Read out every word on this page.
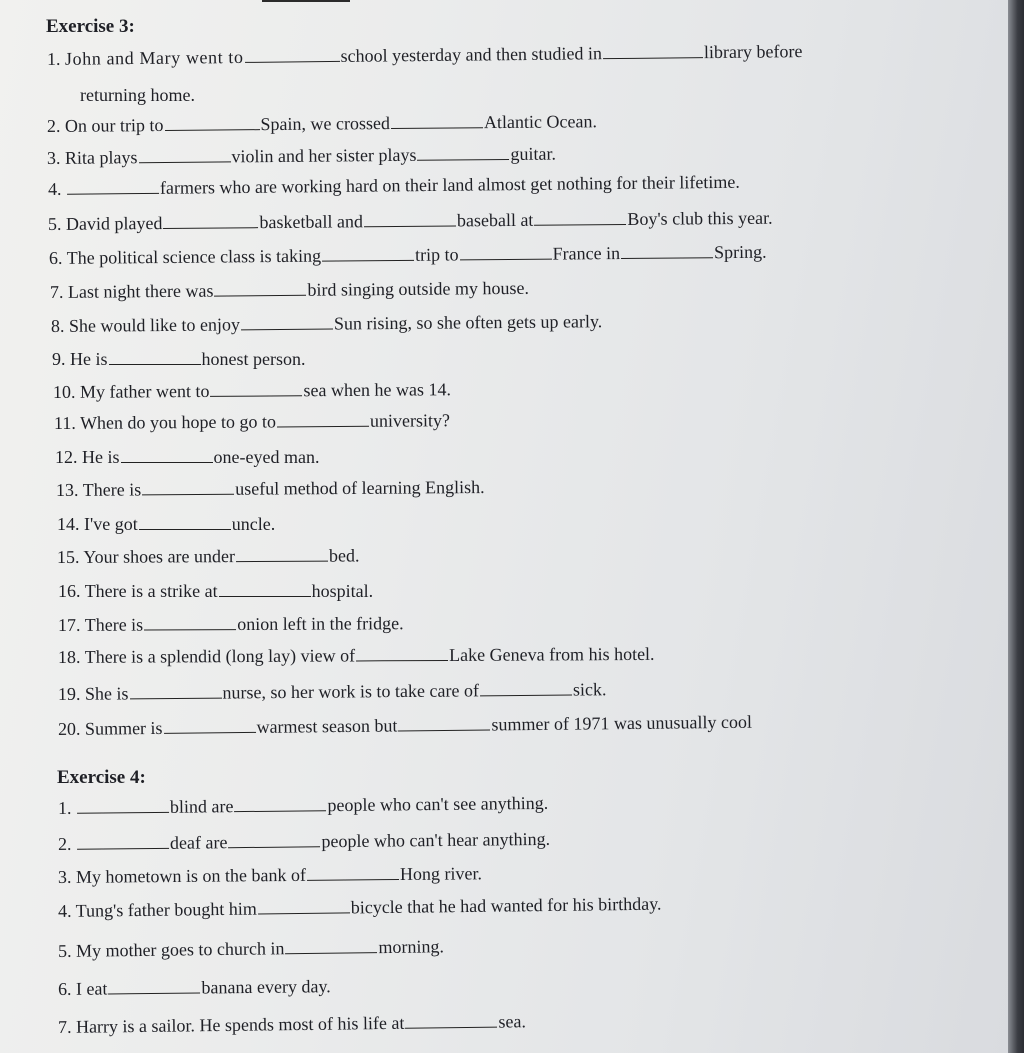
Exercise 3:
1. John and Mary went to	school yesterday and then studied in	library before
returning home.
2. On our trip to	Spain, we crossed	Atlantic Ocean.
3. Rita plays	violin and her sister plays	guitar.
4.	farmers who are working hard on their land almost get nothing for their lifetime.
5. David played	basketball and	baseball at	Boy's club this year.
6. The political science class is taking	trip to	France in	Spring.
7. Last night there was	bird singing outside my house.
8. She would like to enjoy	Sun rising, so she often gets up early.
9. He is	honest person.
10. My father went to	sea when he was 14.
11. When do you hope to go to	university?
12. He is	one-eyed man.
13. There is	useful method of learning English.
14. I've got	uncle.
15. Your shoes are under	bed.
16. There is a strike at	hospital.
17. There is	onion left in the fridge.
18. There is a splendid (long lay) view of	Lake Geneva from his hotel.
19. She is	nurse, so her work is to take care of	sick.
20. Summer is	warmest season but	summer of 1971 was unusually cool
Exercise 4:
1.	blind are	people who can't see anything.
2.	deaf are	people who can't hear anything.
3. My hometown is on the bank of	Hong river.
4. Tung's father bought him	bicycle that he had wanted for his birthday.
5. My mother goes to church in	morning.
6. I eat	banana every day.
7. Harry is a sailor. He spends most of his life at	sea.
